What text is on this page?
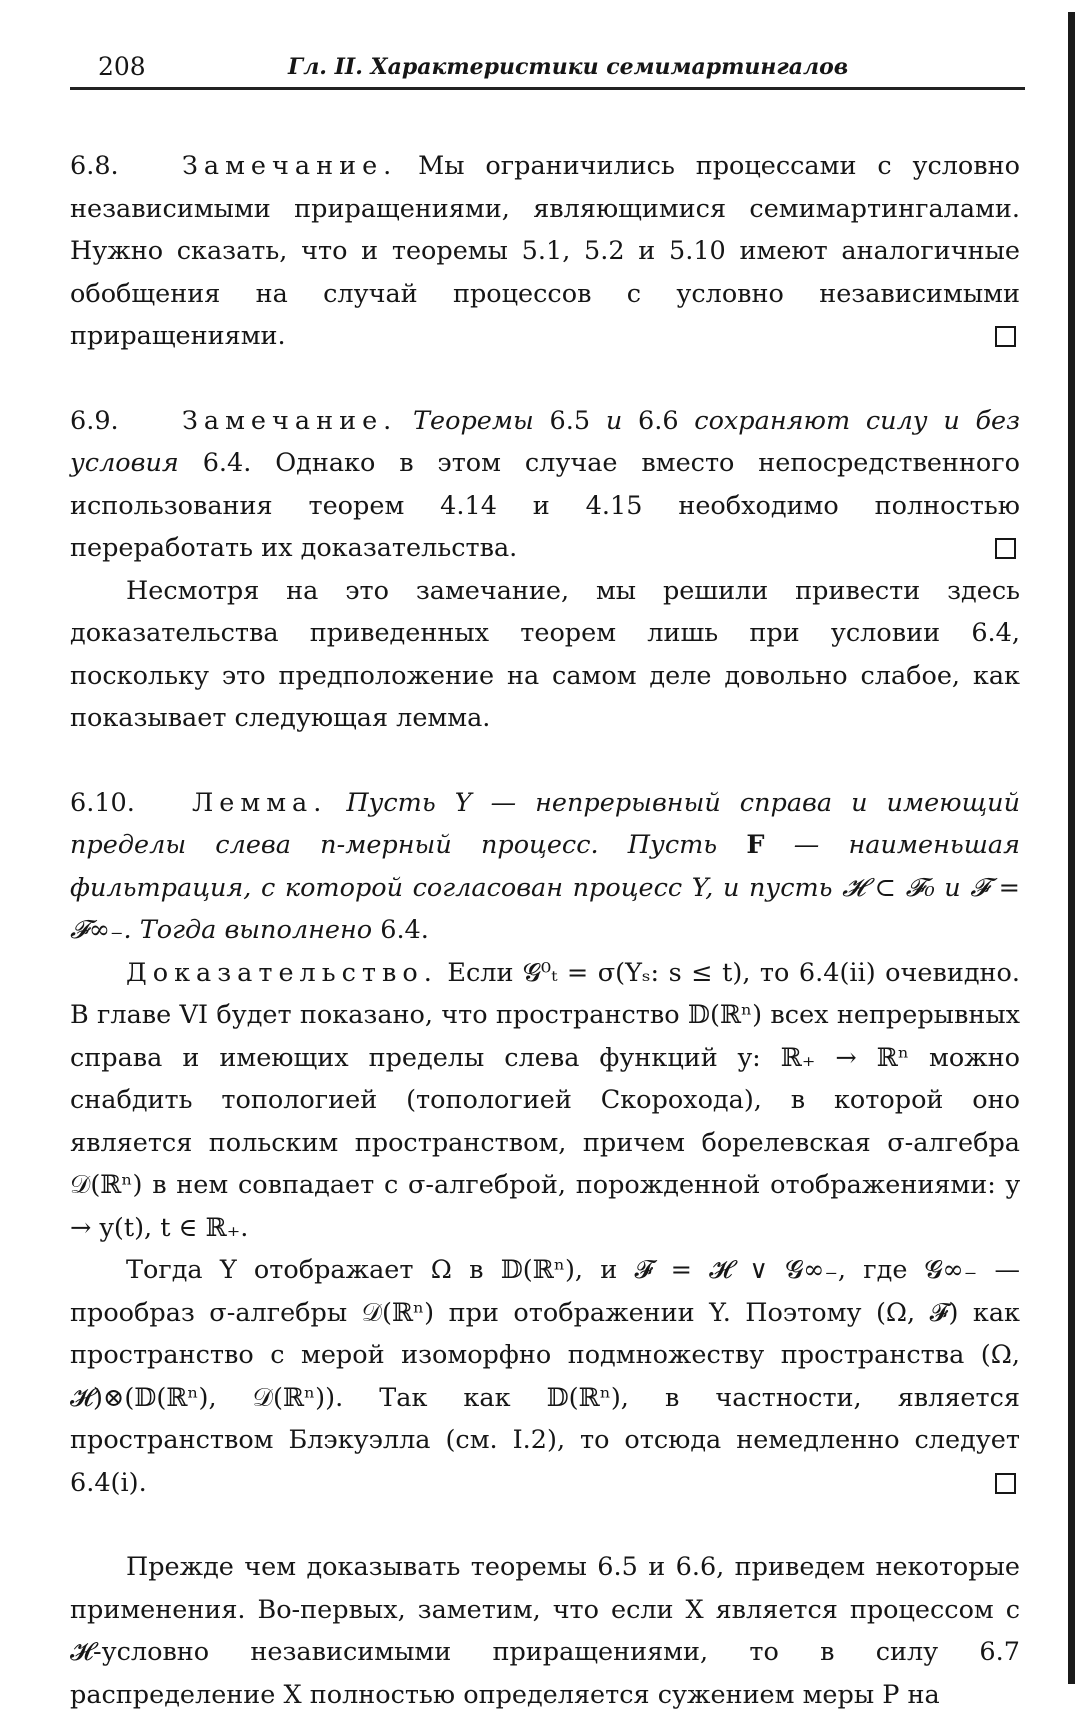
208	Гл. II. Характеристики семимартингалов

6.8. Замечание. Мы ограничились процессами с условно независимыми приращениями, являющимися семимартингалами. Нужно сказать, что и теоремы 5.1, 5.2 и 5.10 имеют аналогичные обобщения на случай процессов с условно независимыми приращениями.

6.9. Замечание. Теоремы 6.5 и 6.6 сохраняют силу и без условия 6.4. Однако в этом случае вместо непосредственного использования теорем 4.14 и 4.15 необходимо полностью переработать их доказательства.

Несмотря на это замечание, мы решили привести здесь доказательства приведенных теорем лишь при условии 6.4, поскольку это предположение на самом деле довольно слабое, как показывает следующая лемма.

6.10. Лемма. Пусть Y — непрерывный справа и имеющий пределы слева n-мерный процесс. Пусть F — наименьшая фильтрация, с которой согласован процесс Y, и пусть 𝓗 ⊂ 𝓕₀ и 𝓕 = 𝓕∞₋. Тогда выполнено 6.4.

Доказательство. Если 𝓖⁰ₜ = σ(Yₛ: s ≤ t), то 6.4(ii) очевидно. В главе VI будет показано, что пространство 𝔻(ℝⁿ) всех непрерывных справа и имеющих пределы слева функций y: ℝ₊ → ℝⁿ можно снабдить топологией (топологией Скорохода), в которой оно является польским пространством, причем борелевская σ-алгебра 𝒟(ℝⁿ) в нем совпадает с σ-алгеброй, порожденной отображениями: y → y(t), t ∈ ℝ₊.

Тогда Y отображает Ω в 𝔻(ℝⁿ), и 𝓕 = 𝓗 ∨ 𝓖∞₋, где 𝓖∞₋ — прообраз σ-алгебры 𝒟(ℝⁿ) при отображении Y. Поэтому (Ω, 𝓕) как пространство с мерой изоморфно подмножеству пространства (Ω, 𝓗)⊗(𝔻(ℝⁿ), 𝒟(ℝⁿ)). Так как 𝔻(ℝⁿ), в частности, является пространством Блэкуэлла (см. I.2), то отсюда немедленно следует 6.4(i).

Прежде чем доказывать теоремы 6.5 и 6.6, приведем некоторые применения. Во-первых, заметим, что если X является процессом с 𝓗-условно независимыми приращениями, то в силу 6.7 распределение X полностью определяется сужением меры P на
